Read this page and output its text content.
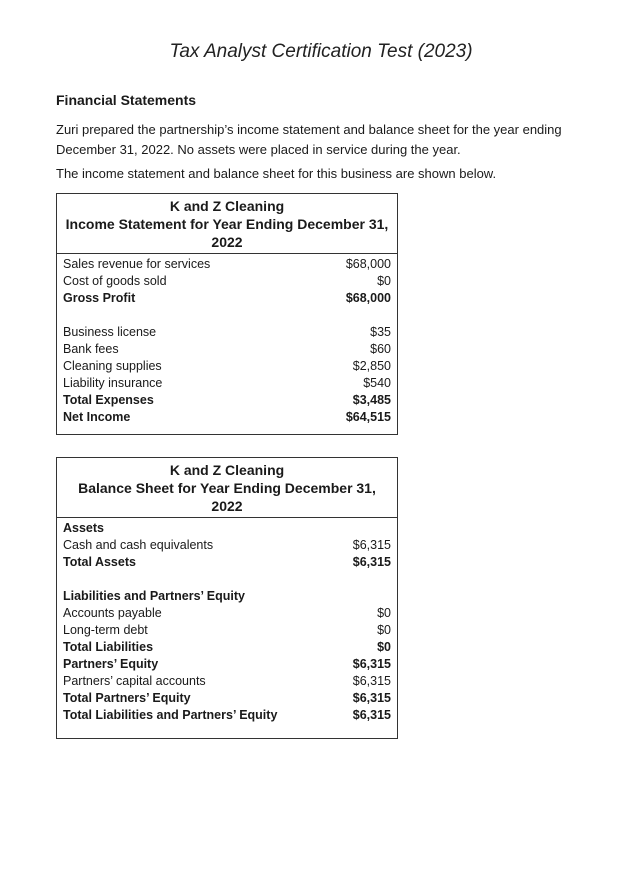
Tax Analyst Certification Test (2023)
Financial Statements

Zuri prepared the partnership’s income statement and balance sheet for the year ending December 31, 2022. No assets were placed in service during the year.

The income statement and balance sheet for this business are shown below.

K and Z Cleaning
Income Statement for Year Ending December 31,
2022
Sales revenue for services	$68,000
Cost of goods sold	$0
Gross Profit	$68,000
Business license	$35
Bank fees	$60
Cleaning supplies	$2,850
Liability insurance	$540
Total Expenses	$3,485
Net Income	$64,515
K and Z Cleaning
Balance Sheet for Year Ending December 31,
2022
Assets
Cash and cash equivalents	$6,315
Total Assets	$6,315
Liabilities and Partners’ Equity
Accounts payable	$0
Long-term debt	$0
Total Liabilities	$0
Partners’ Equity	$6,315
Partners’ capital accounts	$6,315
Total Partners’ Equity	$6,315
Total Liabilities and Partners’ Equity	$6,315
